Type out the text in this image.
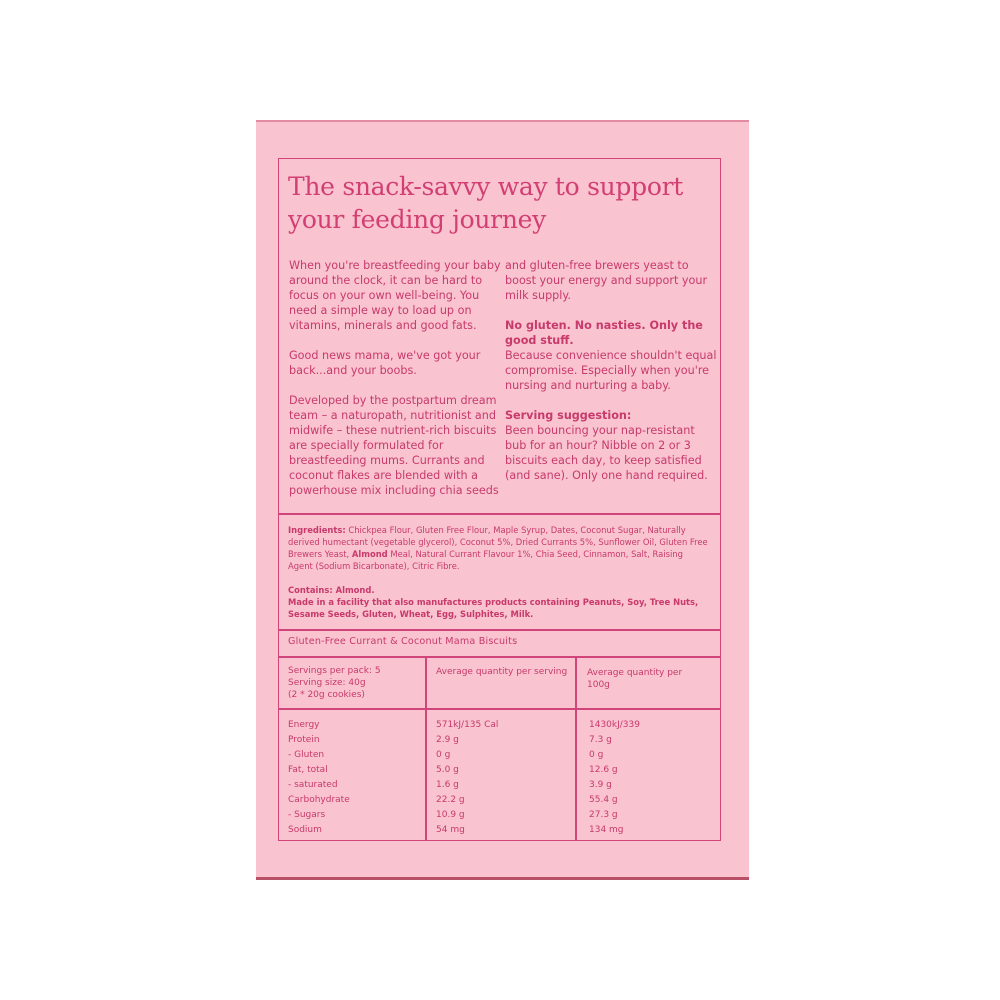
The snack-savvy way to support your feeding journey

When you're breastfeeding your baby around the clock, it can be hard to focus on your own well-being. You need a simple way to load up on vitamins, minerals and good fats.

Good news mama, we've got your back...and your boobs.

Developed by the postpartum dream team – a naturopath, nutritionist and midwife – these nutrient-rich biscuits are specially formulated for breastfeeding mums. Currants and coconut flakes are blended with a powerhouse mix including chia seeds

and gluten-free brewers yeast to boost your energy and support your milk supply.

No gluten. No nasties. Only the good stuff.
Because convenience shouldn't equal compromise. Especially when you're nursing and nurturing a baby.

Serving suggestion:
Been bouncing your nap-resistant bub for an hour? Nibble on 2 or 3 biscuits each day, to keep satisfied (and sane). Only one hand required.

Ingredients: Chickpea Flour, Gluten Free Flour, Maple Syrup, Dates, Coconut Sugar, Naturally derived humectant (vegetable glycerol), Coconut 5%, Dried Currants 5%, Sunflower Oil, Gluten Free Brewers Yeast, Almond Meal, Natural Currant Flavour 1%, Chia Seed, Cinnamon, Salt, Raising Agent (Sodium Bicarbonate), Citric Fibre.
Contains: Almond.
Made in a facility that also manufactures products containing Peanuts, Soy, Tree Nuts, Sesame Seeds, Gluten, Wheat, Egg, Sulphites, Milk.
Gluten-Free Currant & Coconut Mama Biscuits
Servings per pack: 5
Serving size: 40g
(2 * 20g cookies)
Average quantity per serving Average quantity per 100g
Energy
Protein
- Gluten
Fat, total
- saturated
Carbohydrate
- Sugars
Sodium
571kJ/135 Cal
2.9 g
0 g
5.0 g
1.6 g
22.2 g
10.9 g
54 mg
1430kJ/339
7.3 g
0 g
12.6 g
3.9 g
55.4 g
27.3 g
134 mg
